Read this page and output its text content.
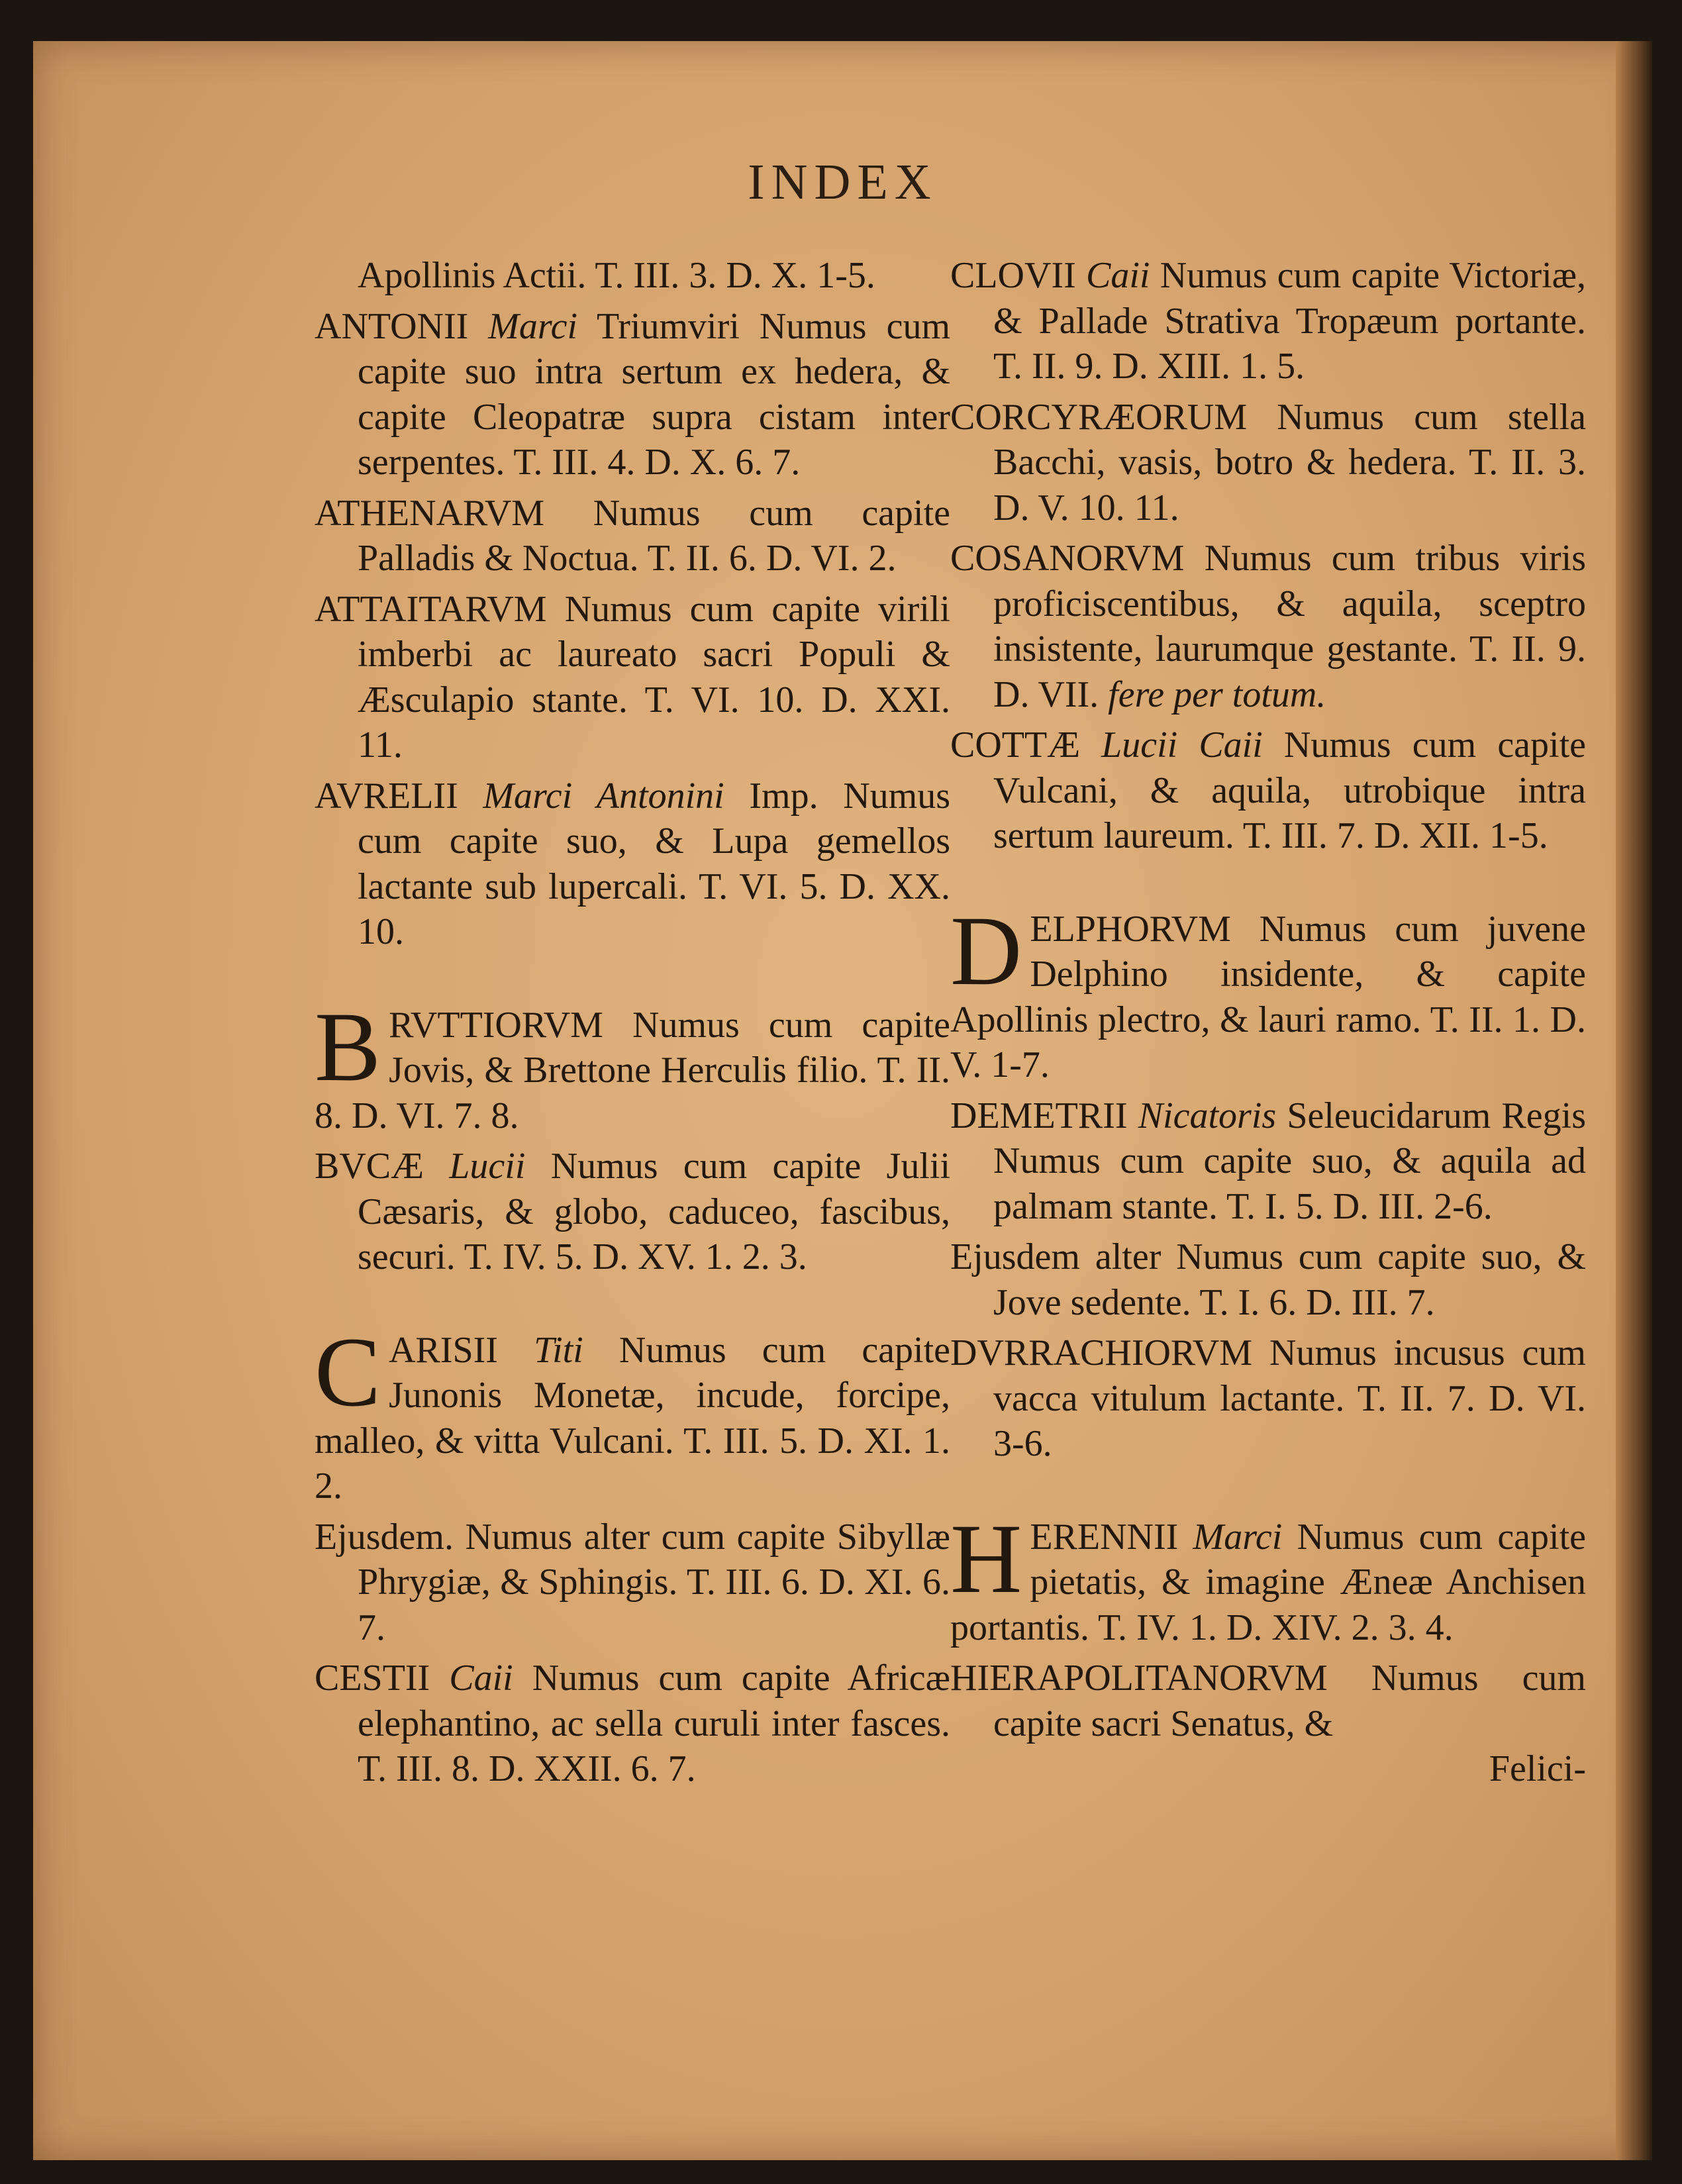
INDEX

Apollinis Actii. T. III. 3. D. X. 1-5.

ANTONII Marci Triumviri Numus cum capite suo intra sertum ex hedera, & capite Cleopatræ supra cistam inter serpentes. T. III. 4. D. X. 6. 7.

ATHENARVM Numus cum capite Palladis & Noctua. T. II. 6. D. VI. 2.

ATTAITARVM Numus cum capite virili imberbi ac laureato sacri Populi & Æsculapio stante. T. VI. 10. D. XXI. 11.

AVRELII Marci Antonini Imp. Numus cum capite suo, & Lupa gemellos lactante sub lupercali. T. VI. 5. D. XX. 10.

B RVTTIORVM Numus cum capite Jovis, & Brettone Herculis filio. T. II. 8. D. VI. 7. 8.

BVCÆ Lucii Numus cum capite Julii Cæsaris, & globo, caduceo, fascibus, securi. T. IV. 5. D. XV. 1. 2. 3.

C ARISII Titi Numus cum capite Junonis Monetæ, incude, forcipe, malleo, & vitta Vulcani. T. III. 5. D. XI. 1. 2.

Ejusdem. Numus alter cum capite Sibyllæ Phrygiæ, & Sphingis. T. III. 6. D. XI. 6. 7.

CESTII Caii Numus cum capite Africæ elephantino, ac sella curuli inter fasces. T. III. 8. D. XXII. 6. 7.

CLOVII Caii Numus cum capite Victoriæ, & Pallade Strativa Tropæum portante. T. II. 9. D. XIII. 1. 5.

CORCYRÆORUM Numus cum stella Bacchi, vasis, botro & hedera. T. II. 3. D. V. 10. 11.

COSANORVM Numus cum tribus viris proficiscentibus, & aquila, sceptro insistente, laurumque gestante. T. II. 9. D. VII. fere per totum.

COTTÆ Lucii Caii Numus cum capite Vulcani, & aquila, utrobique intra sertum laureum. T. III. 7. D. XII. 1-5.

D ELPHORVM Numus cum juvene Delphino insidente, & capite Apollinis plectro, & lauri ramo. T. II. 1. D. V. 1-7.

DEMETRII Nicatoris Seleucidarum Regis Numus cum capite suo, & aquila ad palmam stante. T. I. 5. D. III. 2-6.

Ejusdem alter Numus cum capite suo, & Jove sedente. T. I. 6. D. III. 7.

DVRRACHIORVM Numus incusus cum vacca vitulum lactante. T. II. 7. D. VI. 3-6.

H ERENNII Marci Numus cum capite pietatis, & imagine Æneæ Anchisen portantis. T. IV. 1. D. XIV. 2. 3. 4.

HIERAPOLITANORVM Numus cum capite sacri Senatus, &
Felici-
